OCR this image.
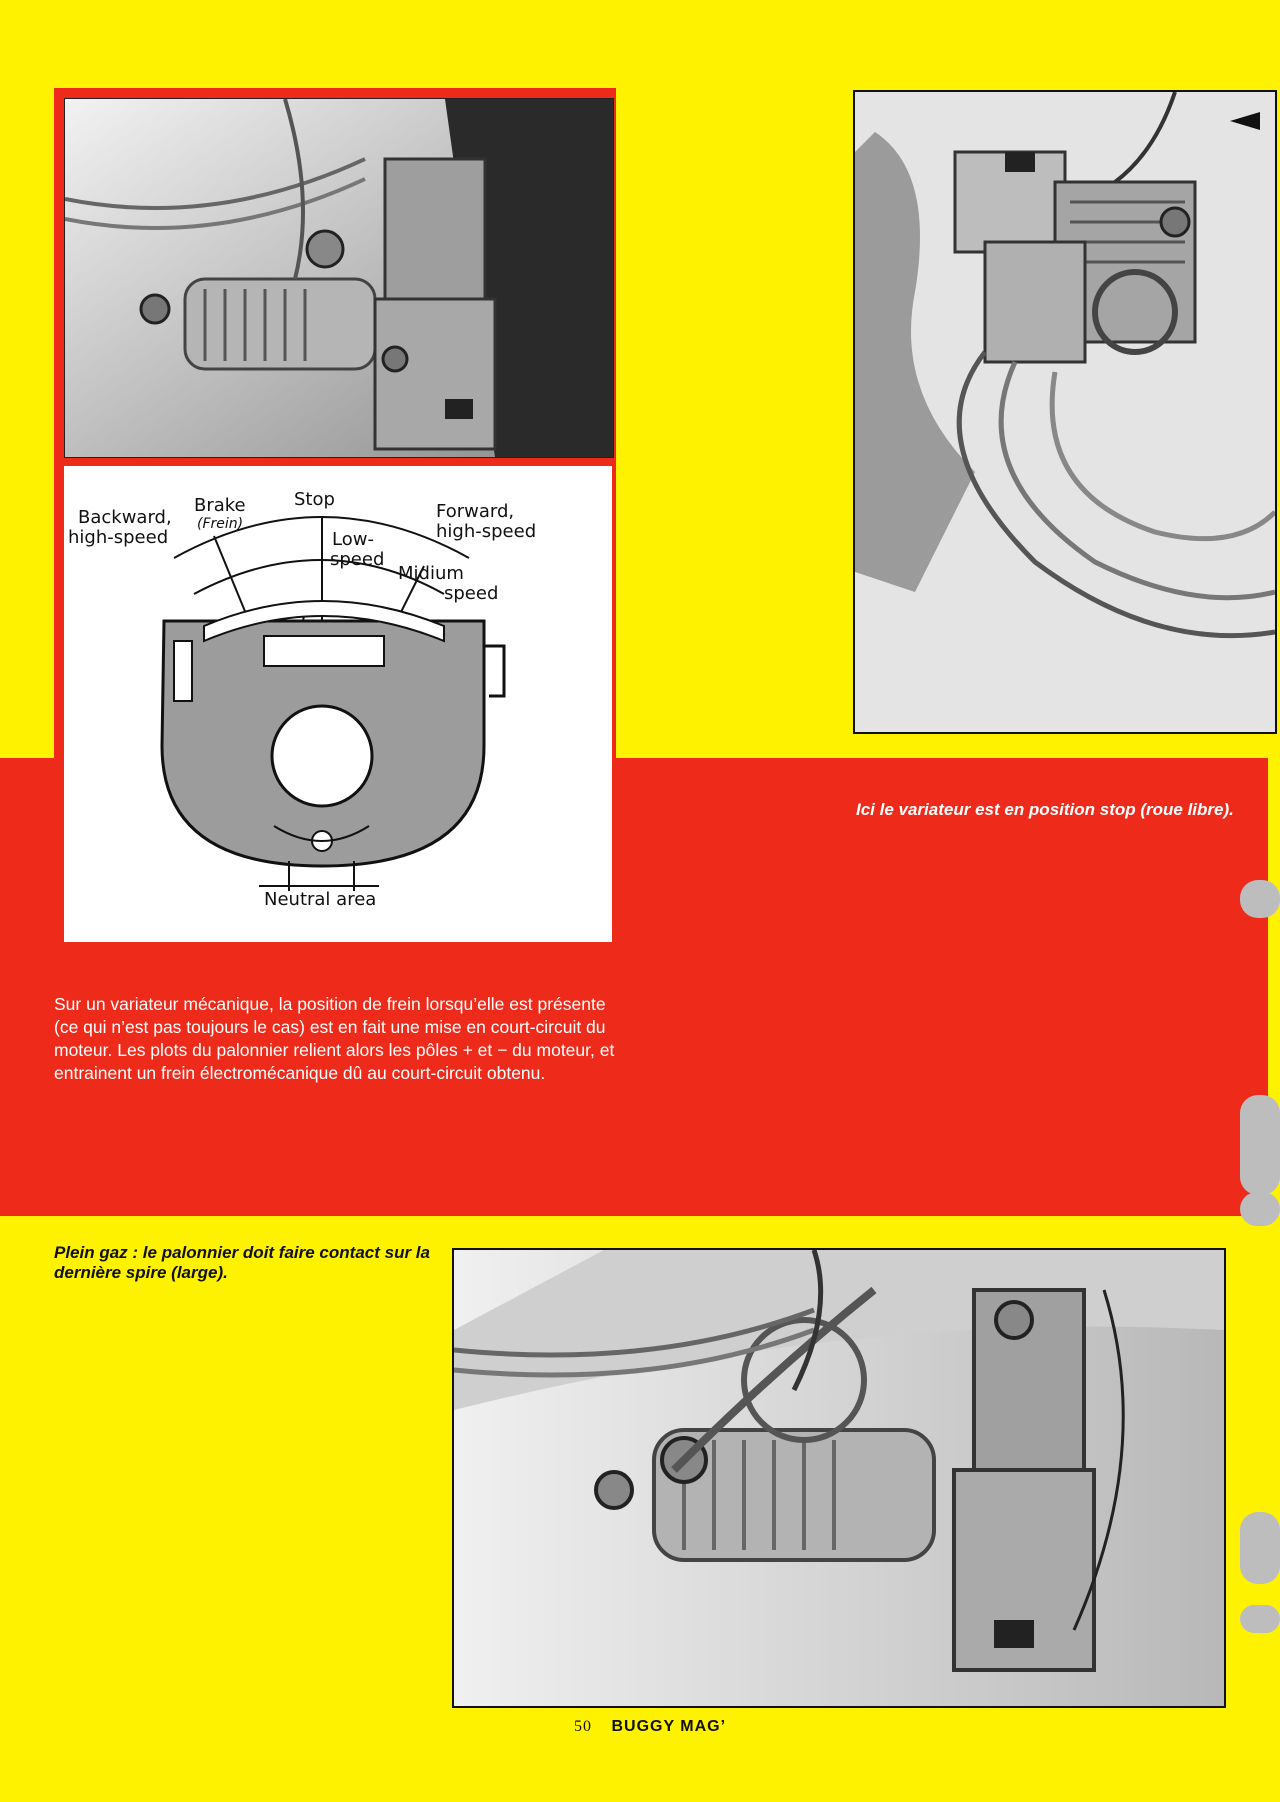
Brake
(Frein)
Stop
Backward,
high-speed
Forward,
high-speed
Low-
speed
Midium
speed
Neutral area
Ici le variateur est en position stop (roue libre).
Sur un variateur mécanique, la position de frein lorsqu’elle est présente (ce qui n’est pas toujours le cas) est en fait une mise en court-circuit du moteur. Les plots du palonnier relient alors les pôles + et − du moteur, et entrainent un frein électromécanique dû au court-circuit obtenu.
Plein gaz : le palonnier doit faire contact sur la dernière spire (large).
50 BUGGY MAG’
